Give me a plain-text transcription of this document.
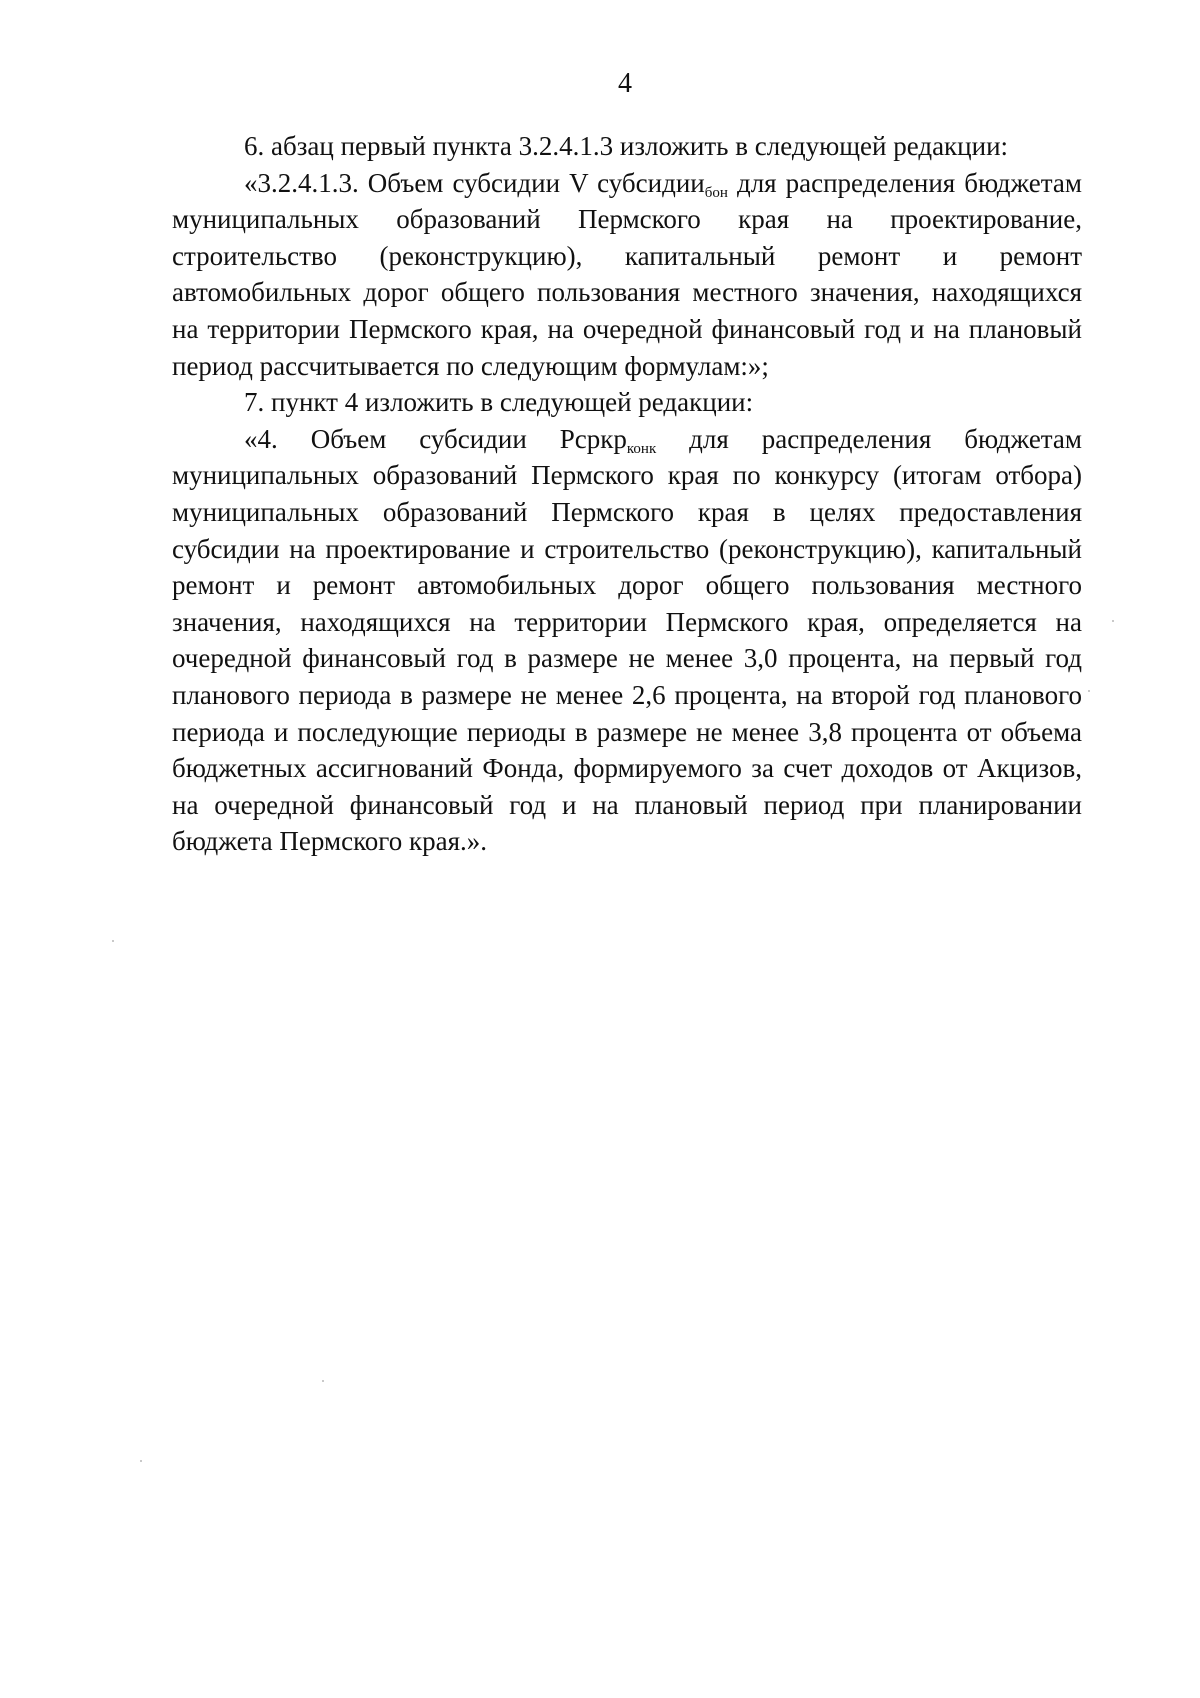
4

6. абзац первый пункта 3.2.4.1.3 изложить в следующей редакции:

«3.2.4.1.3. Объем субсидии V субсидии$_{бон}$ для распределения бюджетам муниципальных образований Пермского края на проектирование, строительство (реконструкцию), капитальный ремонт и ремонт автомобильных дорог общего пользования местного значения, находящихся на территории Пермского края, на очередной финансовый год и на плановый период рассчитывается по следующим формулам:»;

7. пункт 4 изложить в следующей редакции:

«4. Объем субсидии Pсркр$_{конк}$ для распределения бюджетам муниципальных образований Пермского края по конкурсу (итогам отбора) муниципальных образований Пермского края в целях предоставления субсидии на проектирование и строительство (реконструкцию), капитальный ремонт и ремонт автомобильных дорог общего пользования местного значения, находящихся на территории Пермского края, определяется на очередной финансовый год в размере не менее 3,0 процента, на первый год планового периода в размере не менее 2,6 процента, на второй год планового периода и последующие периоды в размере не менее 3,8 процента от объема бюджетных ассигнований Фонда, формируемого за счет доходов от Акцизов, на очередной финансовый год и на плановый период при планировании бюджета Пермского края.».
